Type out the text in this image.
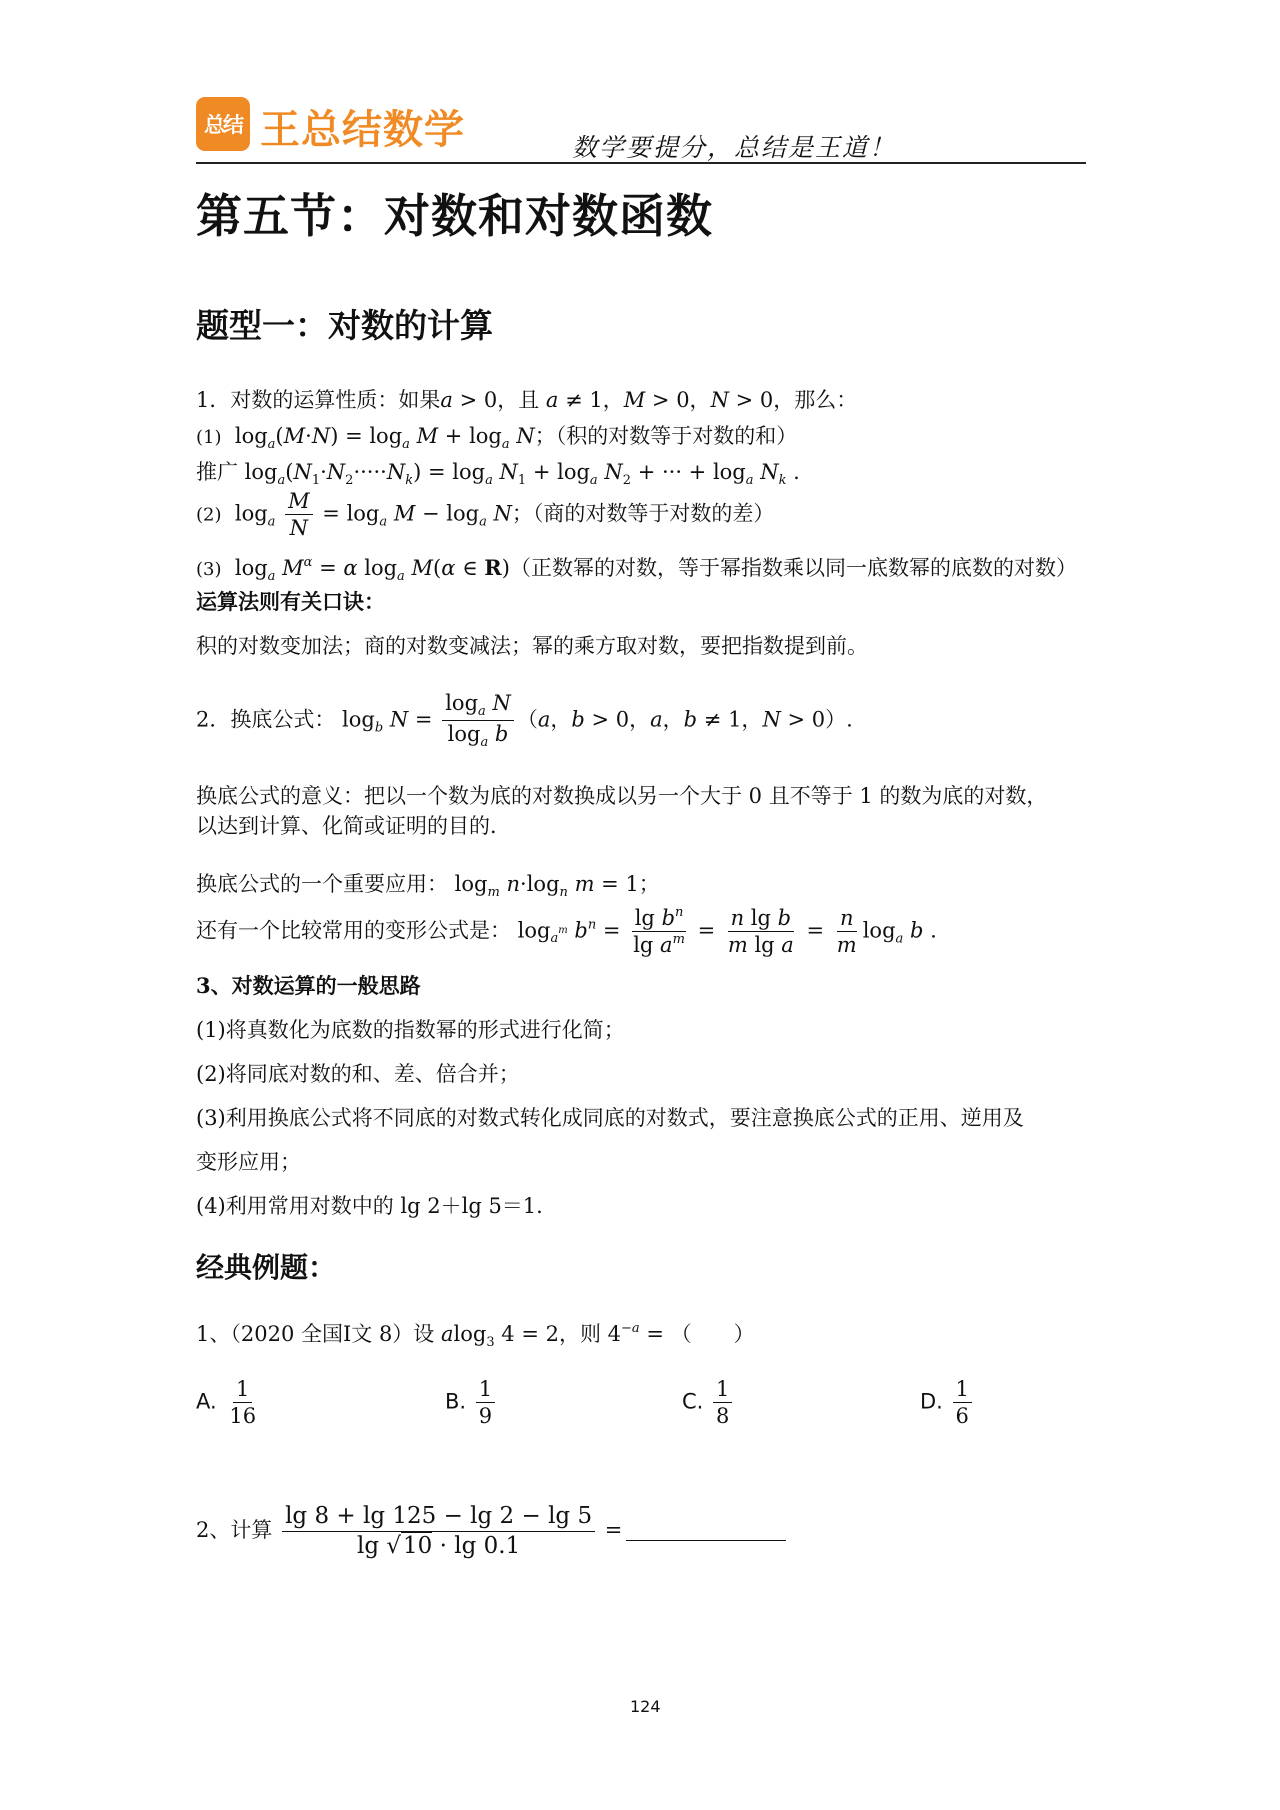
总结 王总结数学	数学要提分，总结是王道！
第五节：对数和对数函数
题型一：对数的计算
1．对数的运算性质：如果a > 0，且 a ≠ 1，M > 0，N > 0，那么：
(1)  $\log_a(M\cdot N) = \log_a M + \log_a N$；（积的对数等于对数的和）
推广 $\log_a(N_1\cdot N_2\cdot\cdot\cdot\cdot\cdot N_k) = \log_a N_1 + \log_a N_2$ + ··· + $\log_a N_k$ .
(2)  $\log_a \frac{M}{N} = \log_a M - \log_a N$；（商的对数等于对数的差）
(3)  $\log_a M^\alpha = \alpha$ $\log_a M(\alpha$ ∈ R)（正数幂的对数，等于幂指数乘以同一底数幂的底数的对数）
运算法则有关口诀：
积的对数变加法；商的对数变减法；幂的乘方取对数，要把指数提到前。
2．换底公式： $\log_b N = \frac{\log_a N}{\log_a b} (a$，b > 0，a，b ≠ 1，N > 0）.
换底公式的意义：把以一个数为底的对数换成以另一个大于 0 且不等于 1 的数为底的对数，
以达到计算、化简或证明的目的．
换底公式的一个重要应用： $\log_m n\cdot\log_n$ m = 1；
还有一个比较常用的变形公式是： $\log_{a^m} b^n = \frac{\lg b^n}{\lg a^m} = \frac{\text{n lg b}}{\text{m lg a}} = \frac{n}{m} \log_a b$ .
3、对数运算的一般思路
(1)将真数化为底数的指数幂的形式进行化简；
(2)将同底对数的和、差、倍合并；
(3)利用换底公式将不同底的对数式转化成同底的对数式，要注意换底公式的正用、逆用及
变形应用；
(4)利用常用对数中的 lg 2＋lg 5＝1.
经典例题：
1、（2020 全国Ⅰ文 8）设 alog$_3$ 4 = 2，则 $4^{-a}$ = （　　）
A. $\frac{1}{16}$	B. $\frac{1}{9}$	C. $\frac{1}{8}$	D. $\frac{1}{6}$
2、计算 $\frac{\lg 8 + \lg 125 - \lg 2 - \lg 5}{\lg √10 \cdot \lg 0.1}$ =
124
